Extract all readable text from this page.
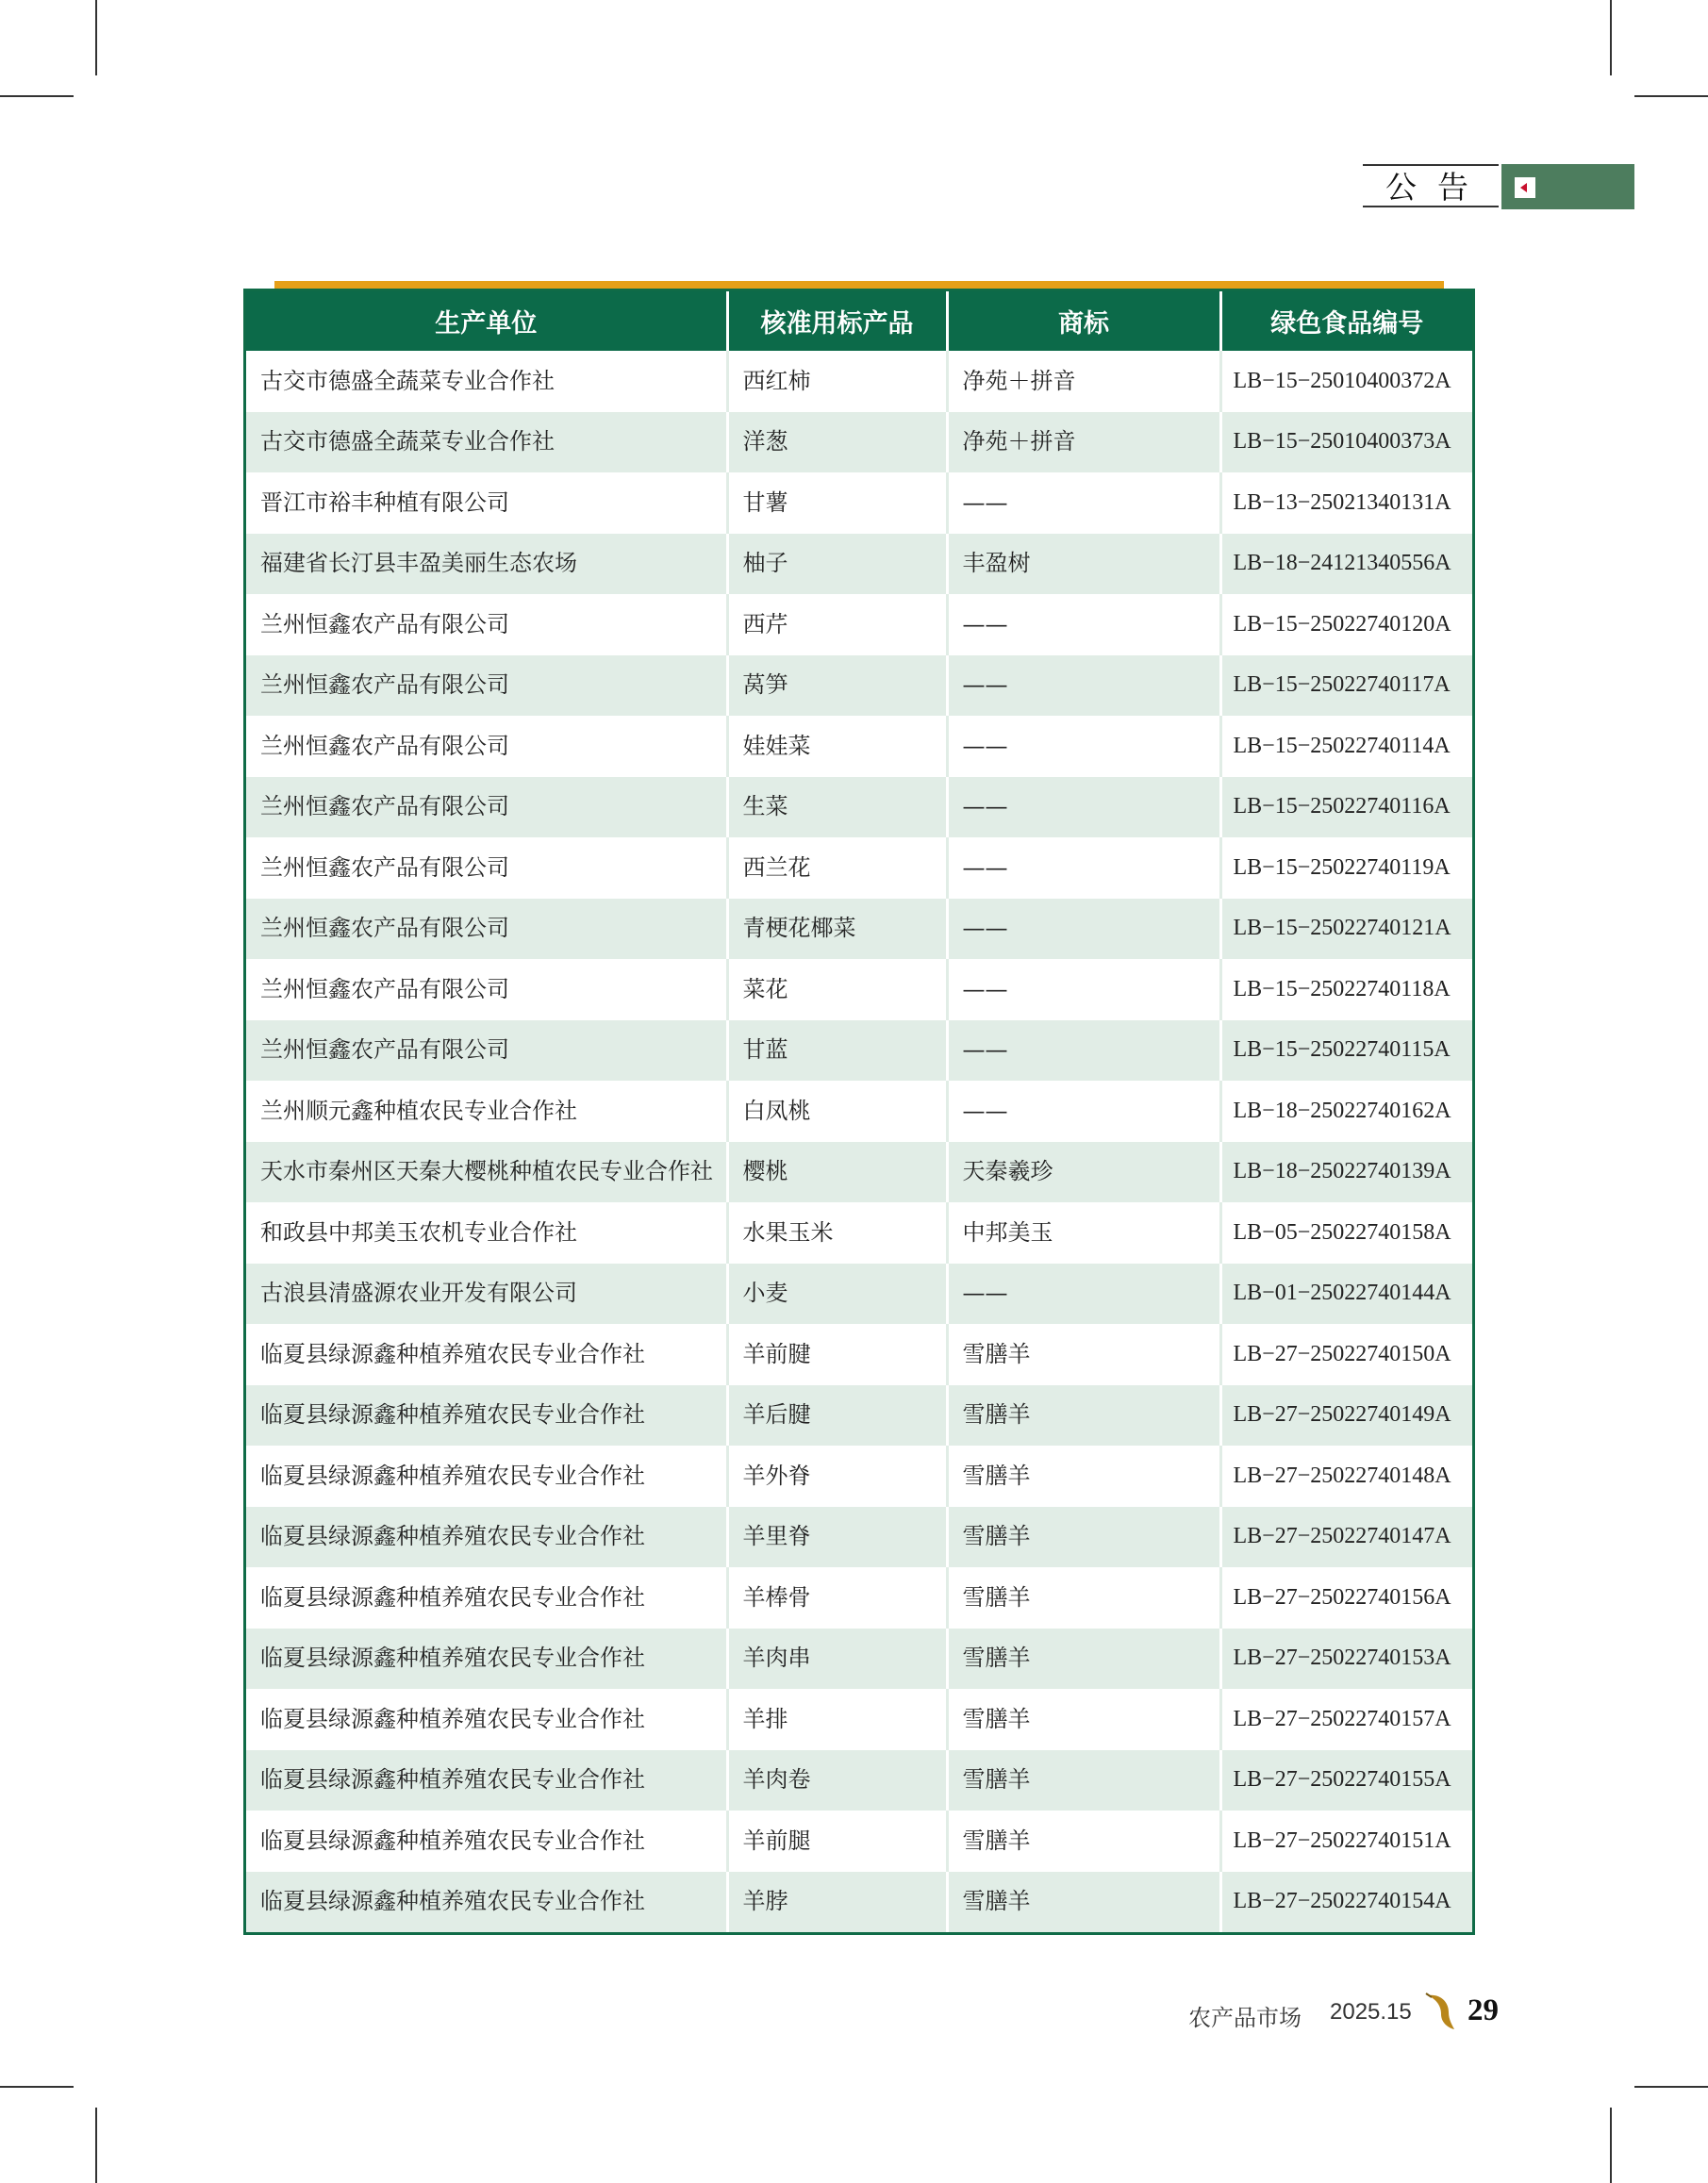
公告
生产单位	核准用标产品	商标	绿色食品编号
古交市德盛全蔬菜专业合作社	西红柿	净苑＋拼音	LB−15−25010400372A
古交市德盛全蔬菜专业合作社	洋葱	净苑＋拼音	LB−15−25010400373A
晋江市裕丰种植有限公司	甘薯	——	LB−13−25021340131A
福建省长汀县丰盈美丽生态农场	柚子	丰盈树	LB−18−24121340556A
兰州恒鑫农产品有限公司	西芹	——	LB−15−25022740120A
兰州恒鑫农产品有限公司	莴笋	——	LB−15−25022740117A
兰州恒鑫农产品有限公司	娃娃菜	——	LB−15−25022740114A
兰州恒鑫农产品有限公司	生菜	——	LB−15−25022740116A
兰州恒鑫农产品有限公司	西兰花	——	LB−15−25022740119A
兰州恒鑫农产品有限公司	青梗花椰菜	——	LB−15−25022740121A
兰州恒鑫农产品有限公司	菜花	——	LB−15−25022740118A
兰州恒鑫农产品有限公司	甘蓝	——	LB−15−25022740115A
兰州顺元鑫种植农民专业合作社	白凤桃	——	LB−18−25022740162A
天水市秦州区天秦大樱桃种植农民专业合作社	樱桃	天秦羲珍	LB−18−25022740139A
和政县中邦美玉农机专业合作社	水果玉米	中邦美玉	LB−05−25022740158A
古浪县清盛源农业开发有限公司	小麦	——	LB−01−25022740144A
临夏县绿源鑫种植养殖农民专业合作社	羊前腱	雪膳羊	LB−27−25022740150A
临夏县绿源鑫种植养殖农民专业合作社	羊后腱	雪膳羊	LB−27−25022740149A
临夏县绿源鑫种植养殖农民专业合作社	羊外脊	雪膳羊	LB−27−25022740148A
临夏县绿源鑫种植养殖农民专业合作社	羊里脊	雪膳羊	LB−27−25022740147A
临夏县绿源鑫种植养殖农民专业合作社	羊棒骨	雪膳羊	LB−27−25022740156A
临夏县绿源鑫种植养殖农民专业合作社	羊肉串	雪膳羊	LB−27−25022740153A
临夏县绿源鑫种植养殖农民专业合作社	羊排	雪膳羊	LB−27−25022740157A
临夏县绿源鑫种植养殖农民专业合作社	羊肉卷	雪膳羊	LB−27−25022740155A
临夏县绿源鑫种植养殖农民专业合作社	羊前腿	雪膳羊	LB−27−25022740151A
临夏县绿源鑫种植养殖农民专业合作社	羊脖	雪膳羊	LB−27−25022740154A
农产品市场 2025.15 29
